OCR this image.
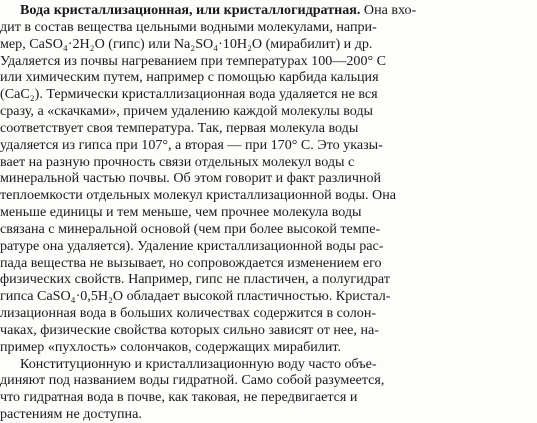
Вода кристаллизационная, или кристаллогидратная. Она вхо-
дит в состав вещества цельными водными молекулами, напри-
мер, CaSO₄·2H₂O (гипс) или Na₂SO₄·10H₂O (мирабилит) и др.
Удаляется из почвы нагреванием при температурах 100—200° С
или химическим путем, например с помощью карбида кальция
(CaC₂). Термически кристаллизационная вода удаляется не вся
сразу, а «скачками», причем удалению каждой молекулы воды
соответствует своя температура. Так, первая молекула воды
удаляется из гипса при 107°, а вторая — при 170° С. Это указы-
вает на разную прочность связи отдельных молекул воды с
минеральной частью почвы. Об этом говорит и факт различной
теплоемкости отдельных молекул кристаллизационной воды. Она
меньше единицы и тем меньше, чем прочнее молекула воды
связана с минеральной основой (чем при более высокой темпе-
ратуре она удаляется). Удаление кристаллизационной воды рас-
пада вещества не вызывает, но сопровождается изменением его
физических свойств. Например, гипс не пластичен, а полугидрат
гипса CaSO₄·0,5H₂O обладает высокой пластичностью. Кристал-
лизационная вода в больших количествах содержится в солон-
чаках, физические свойства которых сильно зависят от нее, на-
пример «пухлость» солончаков, содержащих мирабилит.
Конституционную и кристаллизационную воду часто объе-
диняют под названием воды гидратной. Само собой разумеется,
что гидратная вода в почве, как таковая, не передвигается и
растениям не доступна.
